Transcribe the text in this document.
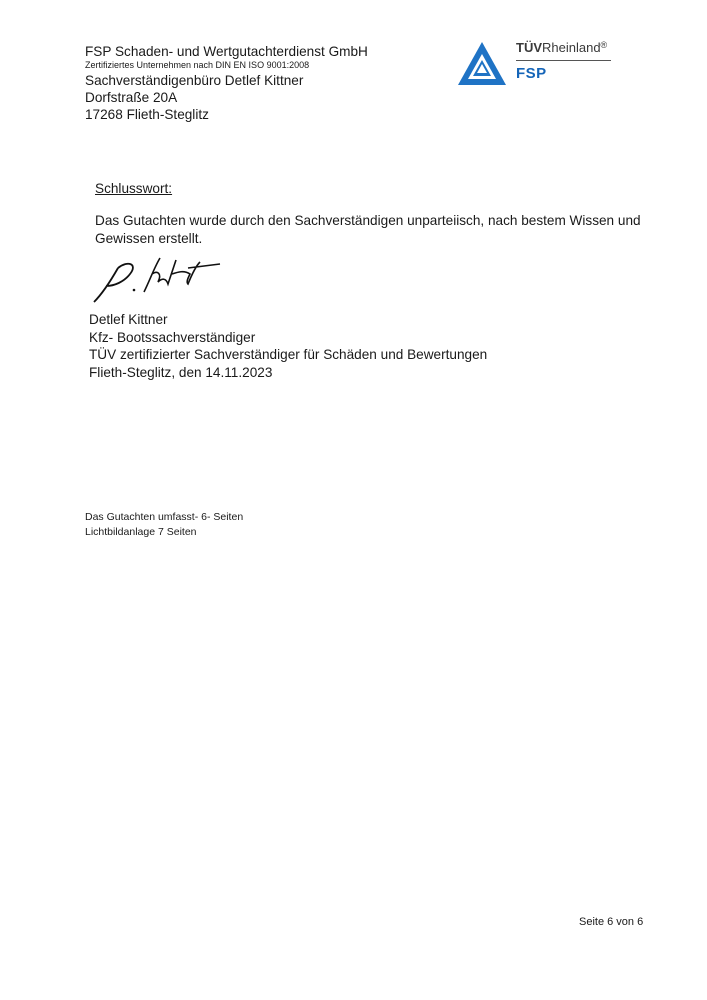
FSP Schaden- und Wertgutachterdienst GmbH
Zertifiziertes Unternehmen nach DIN EN ISO 9001:2008
Sachverständigenbüro Detlef Kittner
Dorfstraße 20A
17268 Flieth-Steglitz
TÜVRheinland®
FSP
Schlusswort:
Das Gutachten wurde durch den Sachverständigen unparteiisch, nach bestem Wissen und Gewissen erstellt.
Detlef Kittner
Kfz- Bootssachverständiger
TÜV zertifizierter Sachverständiger für Schäden und Bewertungen
Flieth-Steglitz, den 14.11.2023
Das Gutachten umfasst- 6- Seiten
Lichtbildanlage 7 Seiten
Seite 6 von 6
